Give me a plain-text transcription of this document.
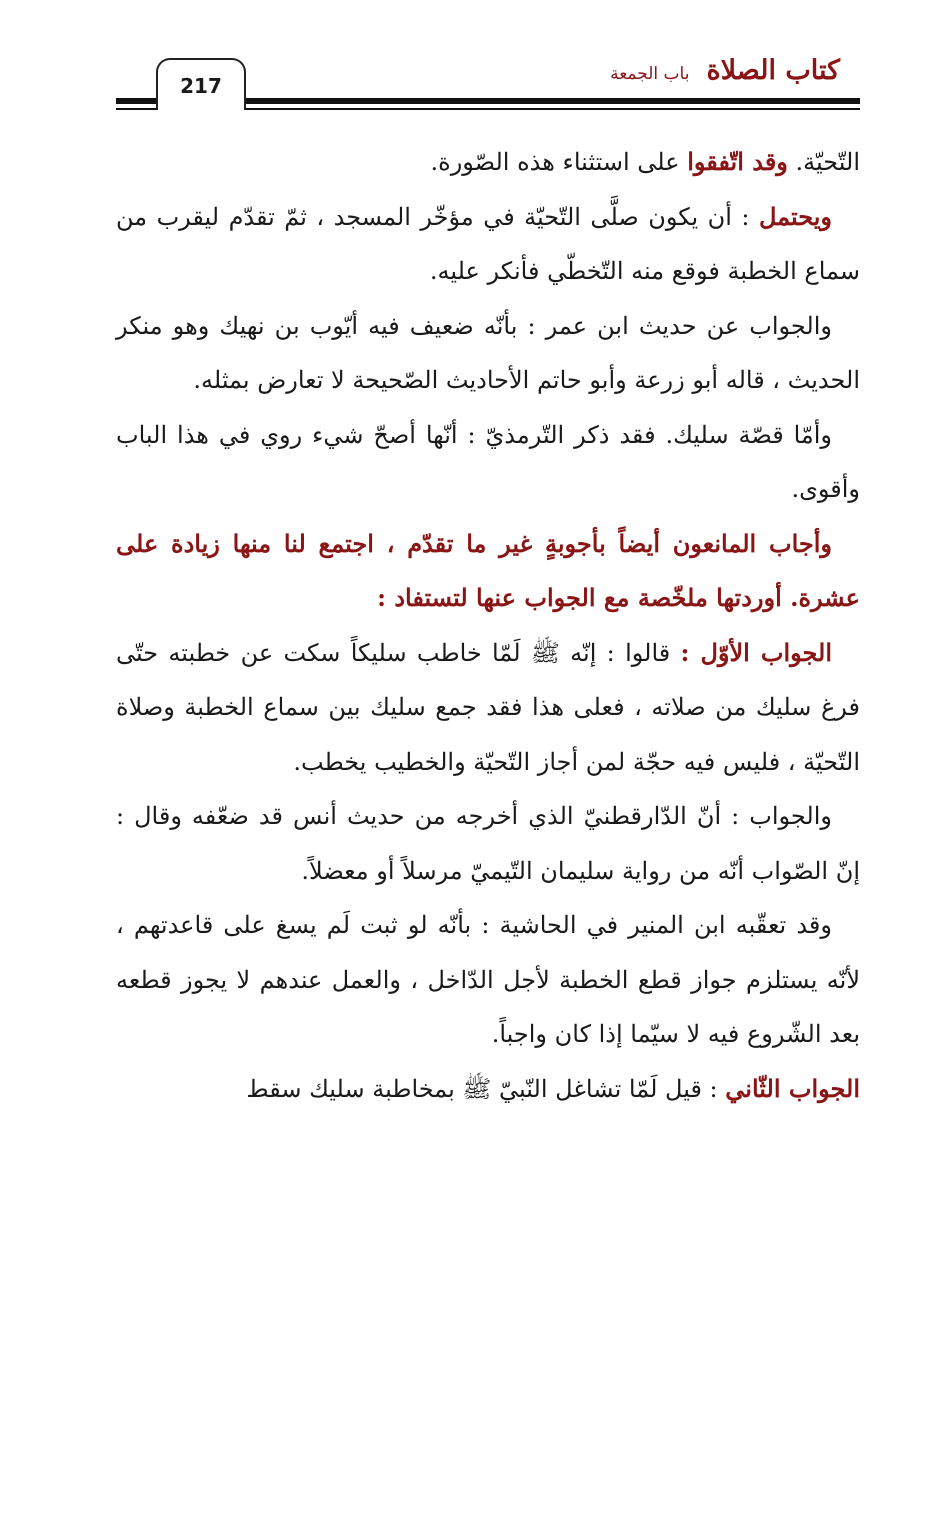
217	كتاب الصلاة باب الجمعة

التّحيّة. وقد اتّفقوا على استثناء هذه الصّورة.

ويحتمل : أن يكون صلَّى التّحيّة في مؤخّر المسجد ، ثمّ تقدّم ليقرب من سماع الخطبة فوقع منه التّخطّي فأنكر عليه.

والجواب عن حديث ابن عمر : بأنّه ضعيف فيه أيّوب بن نهيك وهو منكر الحديث ، قاله أبو زرعة وأبو حاتم الأحاديث الصّحيحة لا تعارض بمثله.

وأمّا قصّة سليك. فقد ذكر التّرمذيّ : أنّها أصحّ شيء روي في هذا الباب وأقوى.

وأجاب المانعون أيضاً بأجوبةٍ غير ما تقدّم ، اجتمع لنا منها زيادة على عشرة. أوردتها ملخّصة مع الجواب عنها لتستفاد :

الجواب الأوّل : قالوا : إنّه ﷺ لَمّا خاطب سليكاً سكت عن خطبته حتّى فرغ سليك من صلاته ، فعلى هذا فقد جمع سليك بين سماع الخطبة وصلاة التّحيّة ، فليس فيه حجّة لمن أجاز التّحيّة والخطيب يخطب.

والجواب : أنّ الدّارقطنيّ الذي أخرجه من حديث أنس قد ضعّفه وقال : إنّ الصّواب أنّه من رواية سليمان التّيميّ مرسلاً أو معضلاً.

وقد تعقّبه ابن المنير في الحاشية : بأنّه لو ثبت لَم يسغ على قاعدتهم ، لأنّه يستلزم جواز قطع الخطبة لأجل الدّاخل ، والعمل عندهم لا يجوز قطعه بعد الشّروع فيه لا سيّما إذا كان واجباً.

الجواب الثّاني : قيل لَمّا تشاغل النّبيّ ﷺ بمخاطبة سليك سقط
